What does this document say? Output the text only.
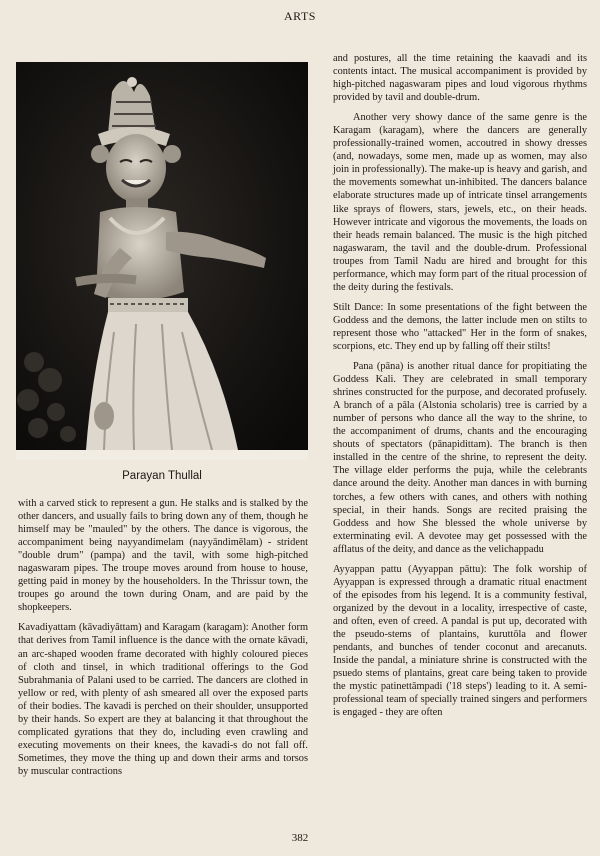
ARTS
Parayan Thullal

with a carved stick to represent a gun. He stalks and is stalked by the other dancers, and usually fails to bring down any of them, though he himself may be "mauled" by the others. The dance is vigorous, the accompaniment being nayyandimelam (nayyāndimēlam) - strident "double drum" (pampa) and the tavil, with some high-pitched nagaswaram pipes. The troupe moves around from house to house, getting paid in money by the householders. In the Thrissur town, the troupes go around the town during Onam, and are paid by the shopkeepers.

Kavadiyattam (kāvadiyāttam) and Karagam (karagam): Another form that derives from Tamil influence is the dance with the ornate kāvadi, an arc-shaped wooden frame decorated with highly coloured pieces of cloth and tinsel, in which traditional offerings to the God Subrahmania of Palani used to be carried. The dancers are clothed in yellow or red, with plenty of ash smeared all over the exposed parts of their bodies. The kavadi is perched on their shoulder, unsupported by their hands. So expert are they at balancing it that throughout the complicated gyrations that they do, including even crawling and executing movements on their knees, the kavadi-s do not fall off. Sometimes, they move the thing up and down their arms and torsos by muscular contractions

and postures, all the time retaining the kaavadi and its contents intact. The musical accompaniment is provided by high-pitched nagaswaram pipes and loud vigorous rhythms provided by tavil and double-drum.

Another very showy dance of the same genre is the Karagam (karagam), where the dancers are generally professionally-trained women, accoutred in showy dresses (and, nowadays, some men, made up as women, may also join in professionally). The make-up is heavy and garish, and the movements somewhat un-inhibited. The dancers balance elaborate structures made up of intricate tinsel arrangements like sprays of flowers, stars, jewels, etc., on their heads. However intricate and vigorous the movements, the loads on their heads remain balanced. The music is the high pitched nagaswaram, the tavil and the double-drum. Professional troupes from Tamil Nadu are hired and brought for this performance, which may form part of the ritual procession of the deity during the festivals.

Stilt Dance: In some presentations of the fight between the Goddess and the demons, the latter include men on stilts to represent those who "attacked" Her in the form of snakes, scorpions, etc. They end up by falling off their stilts!

Pana (pāna) is another ritual dance for propitiating the Goddess Kali. They are celebrated in small temporary shrines constructed for the purpose, and decorated profusely. A branch of a pāla (Alstonia scholaris) tree is carried by a number of persons who dance all the way to the shrine, to the accompaniment of drums, chants and the encouraging shouts of spectators (pānapidittam). The branch is then installed in the centre of the shrine, to represent the deity. The village elder performs the puja, while the celebrants dance around the deity. Another man dances in with burning torches, a few others with canes, and others with nothing special, in their hands. Songs are recited praising the Goddess and how She blessed the whole universe by exterminating evil. A devotee may get possessed with the afflatus of the deity, and dance as the velichappadu

Ayyappan pattu (Ayyappan pāttu): The folk worship of Ayyappan is expressed through a dramatic ritual enactment of the episodes from his legend. It is a community festival, organized by the devout in a locality, irrespective of caste, and often, even of creed. A pandal is put up, decorated with the pseudo-stems of plantains, kuruttōla and flower pendants, and bunches of tender coconut and arecanuts. Inside the pandal, a miniature shrine is constructed with the psuedo stems of plantains, great care being taken to provide the mystic patinettāmpadi ('18 steps') leading to it. A semi-professional team of specially trained singers and performers is engaged - they are often

382
